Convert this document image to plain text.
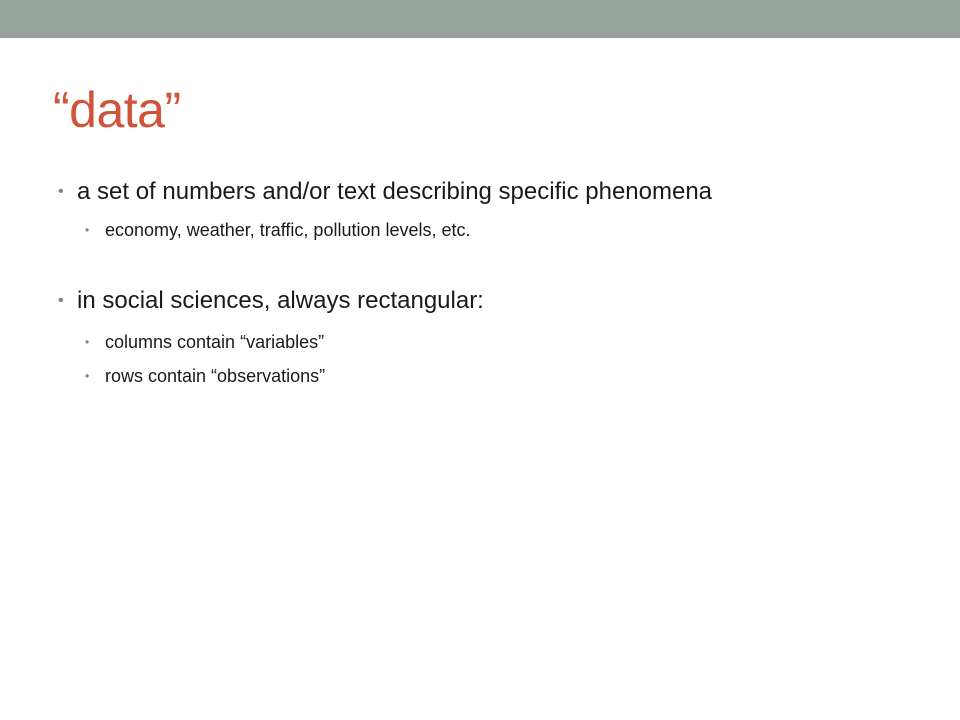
“data”
• a set of numbers and/or text describing specific phenomena
• economy, weather, traffic, pollution levels, etc.
• in social sciences, always rectangular:
• columns contain “variables”
• rows contain “observations”
